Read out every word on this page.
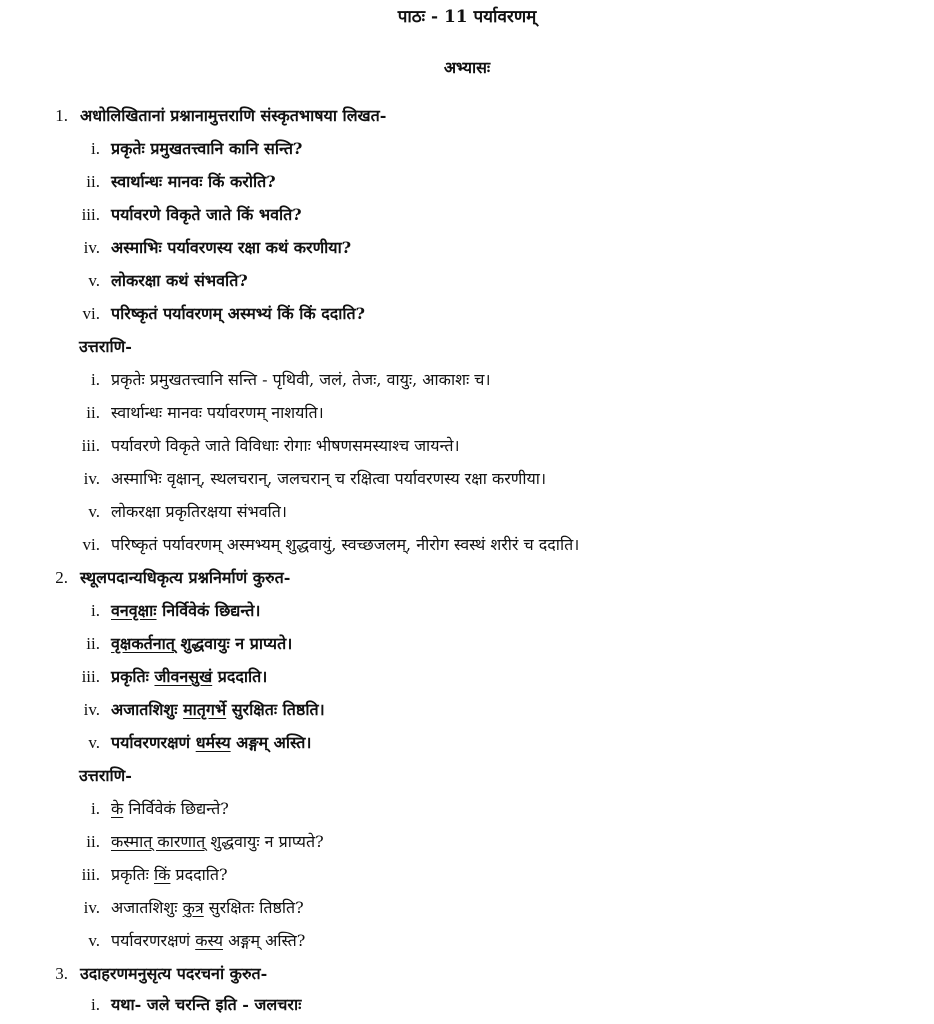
पाठः - 11 पर्यावरणम्
अभ्यासः
1. अधोलिखितानां प्रश्नानामुत्तराणि संस्कृतभाषया लिखत-
i. प्रकृतेः प्रमुखतत्त्वानि कानि सन्ति?
ii. स्वार्थान्धः मानवः किं करोति?
iii. पर्यावरणे विकृते जाते किं भवति?
iv. अस्माभिः पर्यावरणस्य रक्षा कथं करणीया?
v. लोकरक्षा कथं संभवति?
vi. परिष्कृतं पर्यावरणम् अस्मभ्यं किं किं ददाति?
उत्तराणि-
i. प्रकृतेः प्रमुखतत्त्वानि सन्ति - पृथिवी, जलं, तेजः, वायुः, आकाशः च।
ii. स्वार्थान्धः मानवः पर्यावरणम् नाशयति।
iii. पर्यावरणे विकृते जाते विविधाः रोगाः भीषणसमस्याश्च जायन्ते।
iv. अस्माभिः वृक्षान्, स्थलचरान्, जलचरान् च रक्षित्वा पर्यावरणस्य रक्षा करणीया।
v. लोकरक्षा प्रकृतिरक्षया संभवति।
vi. परिष्कृतं पर्यावरणम् अस्मभ्यम् शुद्धवायुं, स्वच्छजलम्, नीरोग स्वस्थं शरीरं च ददाति।
2. स्थूलपदान्यधिकृत्य प्रश्ननिर्माणं कुरुत-
i. वनवृक्षाः निर्विवेकं छिद्यन्ते।
ii. वृक्षकर्तनात् शुद्धवायुः न प्राप्यते।
iii. प्रकृतिः जीवनसुखं प्रददाति।
iv. अजातशिशुः मातृगर्भे सुरक्षितः तिष्ठति।
v. पर्यावरणरक्षणं धर्मस्य अङ्गम् अस्ति।
उत्तराणि-
i. के निर्विवेकं छिद्यन्ते?
ii. कस्मात् कारणात् शुद्धवायुः न प्राप्यते?
iii. प्रकृतिः किं प्रददाति?
iv. अजातशिशुः कुत्र सुरक्षितः तिष्ठति?
v. पर्यावरणरक्षणं कस्य अङ्गम् अस्ति?
3. उदाहरणमनुसृत्य पदरचनां कुरुत-
i. यथा- जले चरन्ति इति - जलचराः
